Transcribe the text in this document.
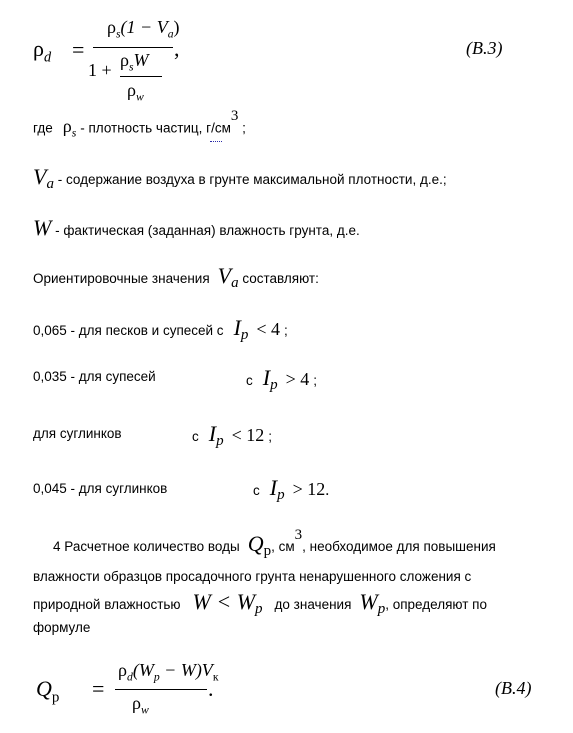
$\rho_d$ =
$\rho_s(1 - V_a)$
$1 + \rho_sW$
$\rho_w$
,	(В.3)
где $\rho_s$ - плотность частиц, $г/см^3$ ;
$V_a$ - содержание воздуха в грунте максимальной плотности, д.е.;
W - фактическая (заданная) влажность грунта, д.е.
Ориентировочные значения $V_a$ составляют:
0,065 - для песков и супесей с $I_p < 4$ ;
0,035 - для супесей	с $I_p > 4$ ;
для суглинков	с $I_p < 12$ ;
0,045 - для суглинков	с $I_p > 12$.
4 Расчетное количество воды $Q_р$, $см^3$, необходимое для повышения
влажности образцов просадочного грунта ненарушенного сложения с
природной влажностью $W < W_p$ до значения $W_p$, определяют по
формуле
$Q_р$ =
$\rho_d(W_p - W)V_к$
$\rho_w$
.	(В.4)
